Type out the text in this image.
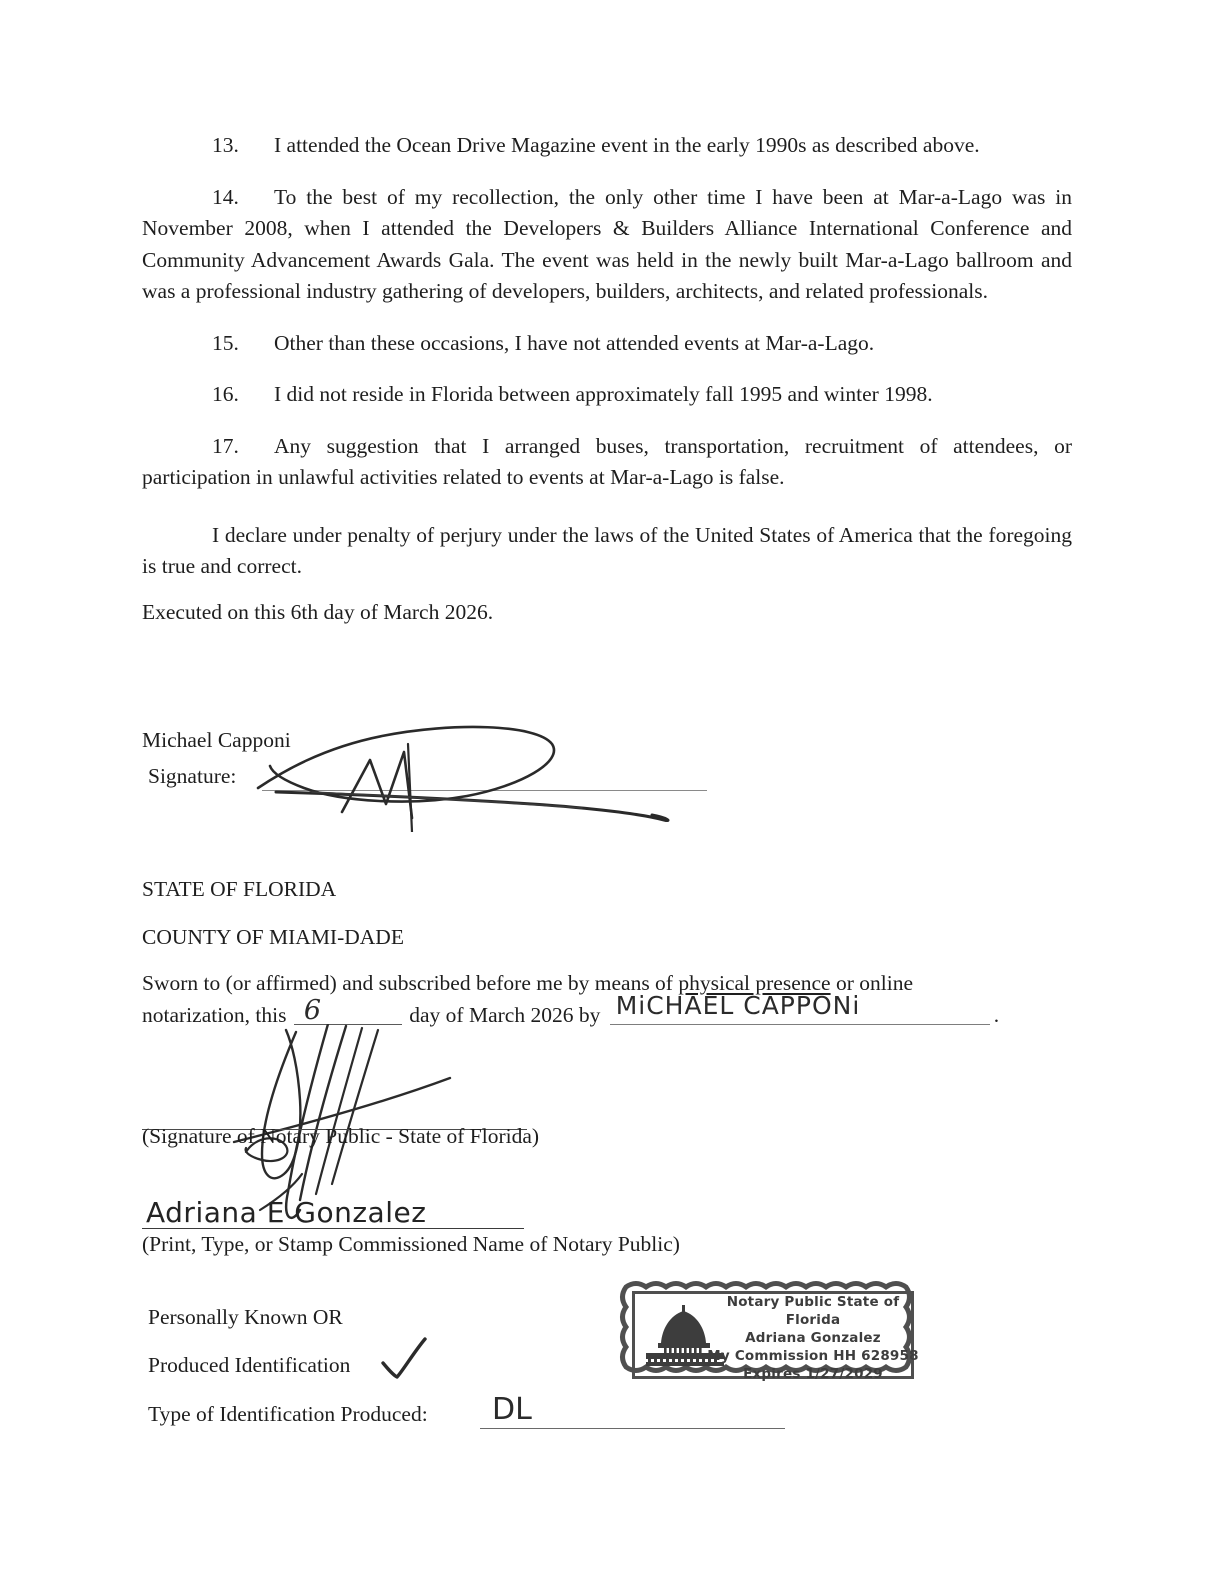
13. I attended the Ocean Drive Magazine event in the early 1990s as described above.

14. To the best of my recollection, the only other time I have been at Mar-a-Lago was in November 2008, when I attended the Developers & Builders Alliance International Conference and Community Advancement Awards Gala. The event was held in the newly built Mar-a-Lago ballroom and was a professional industry gathering of developers, builders, architects, and related professionals.

15. Other than these occasions, I have not attended events at Mar-a-Lago.

16. I did not reside in Florida between approximately fall 1995 and winter 1998.

17. Any suggestion that I arranged buses, transportation, recruitment of attendees, or participation in unlawful activities related to events at Mar-a-Lago is false.

I declare under penalty of perjury under the laws of the United States of America that the foregoing is true and correct.

Executed on this 6th day of March 2026.

Michael Capponi
Signature:
STATE OF FLORIDA
COUNTY OF MIAMI-DADE
Sworn to (or affirmed) and subscribed before me by means of physical presence or online
notarization, this 6	day of March 2026 by MiCHAEL CAPPONi	.
(Signature of Notary Public - State of Florida)
Adriana E Gonzalez
(Print, Type, or Stamp Commissioned Name of Notary Public)
Personally Known OR
Produced Identification
Type of Identification Produced: DL
Notary Public State of Florida
Adriana Gonzalez
My Commission HH 628958
Expires 1/27/2029
